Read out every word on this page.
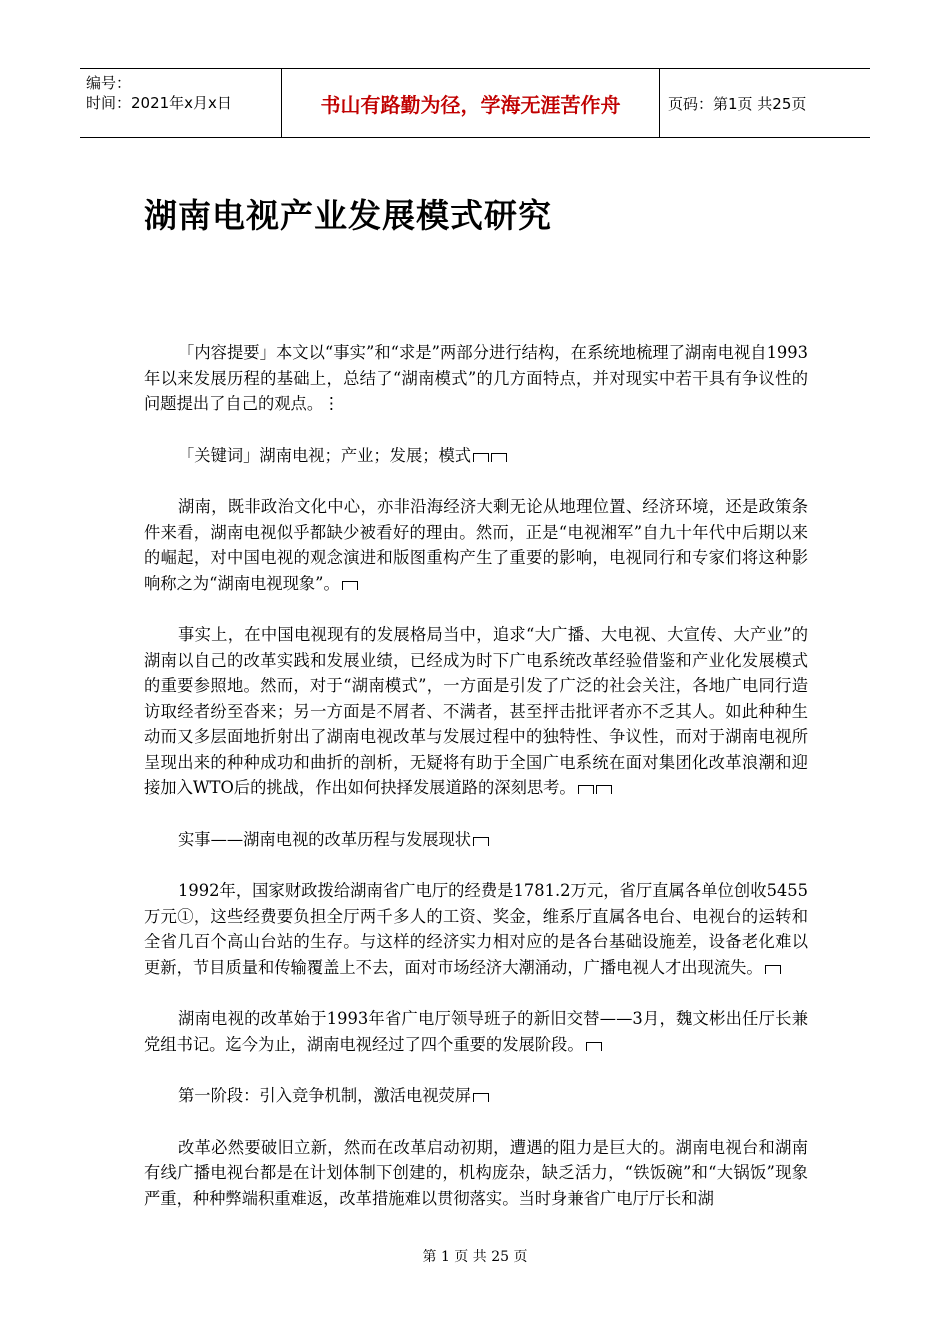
编号：
时间：2021年x月x日	书山有路勤为径，学海无涯苦作舟	页码：第1页 共25页
湖南电视产业发展模式研究

「内容提要」本文以“事实”和“求是”两部分进行结构，在系统地梳理了湖南电视自1993年以来发展历程的基础上，总结了“湖南模式”的几方面特点，并对现实中若干具有争议性的问题提出了自己的观点。⋮

「关键词」湖南电视；产业；发展；模式

湖南，既非政治文化中心，亦非沿海经济大剩无论从地理位置、经济环境，还是政策条件来看，湖南电视似乎都缺少被看好的理由。然而，正是“电视湘军”自九十年代中后期以来的崛起，对中国电视的观念演进和版图重构产生了重要的影响，电视同行和专家们将这种影响称之为“湖南电视现象”。

事实上，在中国电视现有的发展格局当中，追求“大广播、大电视、大宣传、大产业”的湖南以自己的改革实践和发展业绩，已经成为时下广电系统改革经验借鉴和产业化发展模式的重要参照地。然而，对于“湖南模式”，一方面是引发了广泛的社会关注，各地广电同行造访取经者纷至沓来；另一方面是不屑者、不满者，甚至抨击批评者亦不乏其人。如此种种生动而又多层面地折射出了湖南电视改革与发展过程中的独特性、争议性，而对于湖南电视所呈现出来的种种成功和曲折的剖析，无疑将有助于全国广电系统在面对集团化改革浪潮和迎接加入WTO后的挑战，作出如何抉择发展道路的深刻思考。

实事——湖南电视的改革历程与发展现状

1992年，国家财政拨给湖南省广电厅的经费是1781.2万元，省厅直属各单位创收5455万元①，这些经费要负担全厅两千多人的工资、奖金，维系厅直属各电台、电视台的运转和全省几百个高山台站的生存。与这样的经济实力相对应的是各台基础设施差，设备老化难以更新，节目质量和传输覆盖上不去，面对市场经济大潮涌动，广播电视人才出现流失。

湖南电视的改革始于1993年省广电厅领导班子的新旧交替——3月，魏文彬出任厅长兼党组书记。迄今为止，湖南电视经过了四个重要的发展阶段。

第一阶段：引入竞争机制，激活电视荧屏

改革必然要破旧立新，然而在改革启动初期，遭遇的阻力是巨大的。湖南电视台和湖南有线广播电视台都是在计划体制下创建的，机构庞杂，缺乏活力，“铁饭碗”和“大锅饭”现象严重，种种弊端积重难返，改革措施难以贯彻落实。当时身兼省广电厅厅长和湖

第 1 页 共 25 页
